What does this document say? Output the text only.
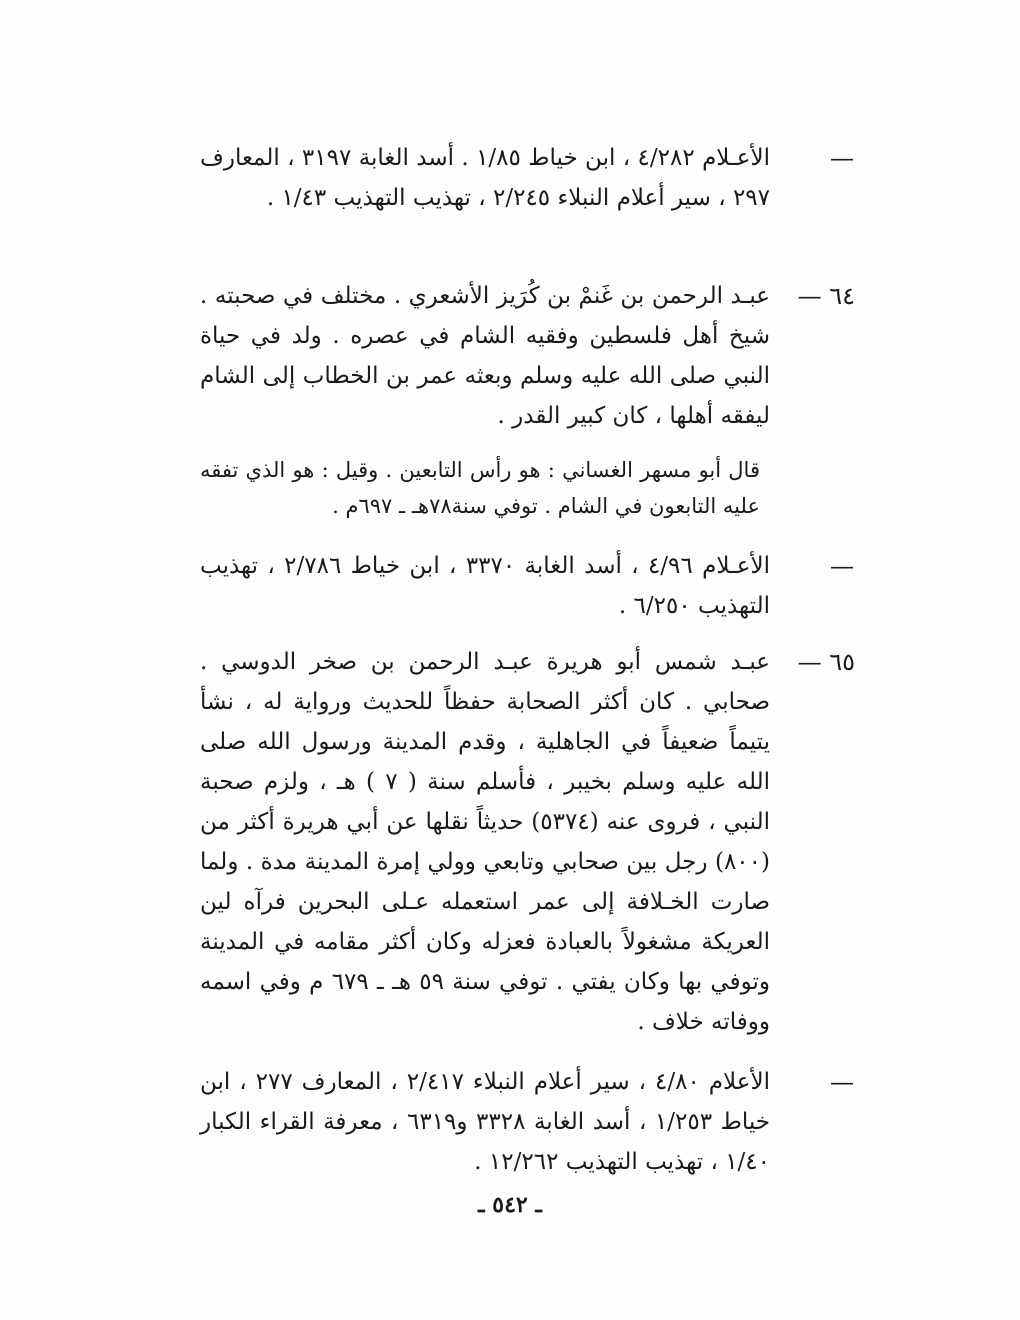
—
الأعـلام ٤/٢٨٢ ، ابن خياط ١/٨٥ . أسد الغابة ٣١٩٧ ، المعارف ٢٩٧ ، سير أعلام النبلاء ٢/٢٤٥ ، تهذيب التهذيب ١/٤٣ .
٦٤ —
عبـد الرحمن بن غَنمْ بن كُرَيز الأشعري . مختلف في صحبته . شيخ أهل فلسطين وفقيه الشام في عصره . ولد في حياة النبي صلى الله عليه وسلم وبعثه عمر بن الخطاب إلى الشام ليفقه أهلها ، كان كبير القدر .
قال أبو مسهر الغساني : هو رأس التابعين . وقيل : هو الذي تفقه عليه التابعون في الشام . توفي سنة٧٨هـ ـ ٦٩٧م .
—
الأعـلام ٤/٩٦ ، أسد الغابة ٣٣٧٠ ، ابن خياط ٢/٧٨٦ ، تهذيب التهذيب ٦/٢٥٠ .
٦٥ —
عبـد شمس أبو هريرة عبـد الرحمن بن صخر الدوسي . صحابي . كان أكثر الصحابة حفظاً للحديث ورواية له ، نشأ يتيماً ضعيفاً في الجاهلية ، وقدم المدينة ورسول الله صلى الله عليه وسلم بخيبر ، فأسلم سنة ( ٧ ) هـ ، ولزم صحبة النبي ، فروى عنه (٥٣٧٤) حديثاً نقلها عن أبي هريرة أكثر من (٨٠٠) رجل بين صحابي وتابعي وولي إمرة المدينة مدة . ولما صارت الخـلافة إلى عمر استعمله عـلى البحرين فرآه لين العريكة مشغولاً بالعبادة فعزله وكان أكثر مقامه في المدينة وتوفي بها وكان يفتي . توفي سنة ٥٩ هـ ـ ٦٧٩ م وفي اسمه ووفاته خلاف .
—
الأعلام ٤/٨٠ ، سير أعلام النبلاء ٢/٤١٧ ، المعارف ٢٧٧ ، ابن خياط ١/٢٥٣ ، أسد الغابة ٣٣٢٨ و٦٣١٩ ، معرفة القراء الكبار ١/٤٠ ، تهذيب التهذيب ١٢/٢٦٢ .
ـ ٥٤٢ ـ
